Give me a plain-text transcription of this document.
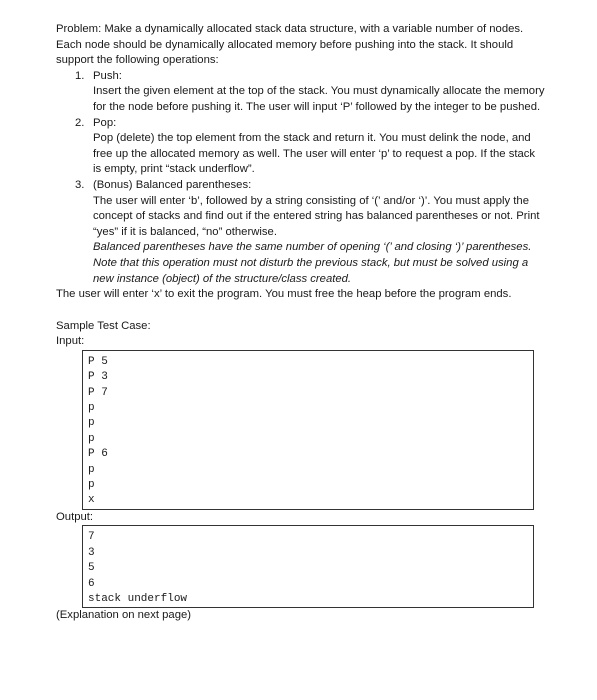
Problem: Make a dynamically allocated stack data structure, with a variable number of nodes. Each node should be dynamically allocated memory before pushing into the stack. It should support the following operations:

1. Push:
Insert the given element at the top of the stack. You must dynamically allocate the memory for the node before pushing it. The user will input ‘P’ followed by the integer to be pushed.
2. Pop:
Pop (delete) the top element from the stack and return it. You must delink the node, and free up the allocated memory as well. The user will enter ‘p’ to request a pop. If the stack is empty, print “stack underflow”.
3. (Bonus) Balanced parentheses:
The user will enter ‘b’, followed by a string consisting of ‘(’ and/or ‘)’. You must apply the concept of stacks and find out if the entered string has balanced parentheses or not. Print “yes” if it is balanced, “no” otherwise.
Balanced parentheses have the same number of opening ‘(’ and closing ‘)’ parentheses. Note that this operation must not disturb the previous stack, but must be solved using a new instance (object) of the structure/class created.

The user will enter ‘x’ to exit the program. You must free the heap before the program ends.

Sample Test Case:

Input:

P 5
P 3
P 7
p
p
p
P 6
p
p
x

Output:

7
3
5
6
stack underflow

(Explanation on next page)
